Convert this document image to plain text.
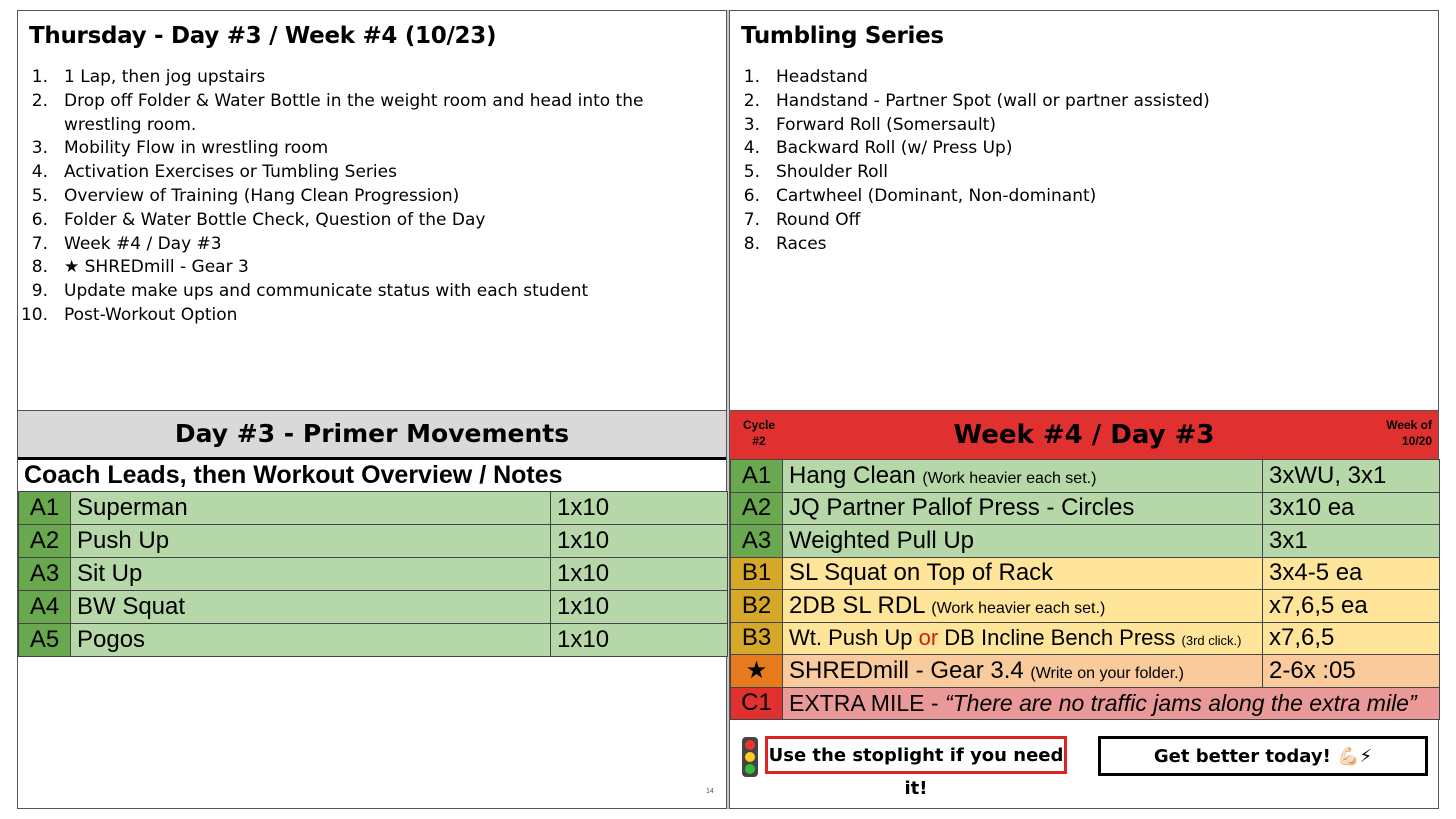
Thursday - Day #3 / Week #4 (10/23)
1. 1 Lap, then jog upstairs
2. Drop off Folder & Water Bottle in the weight room and head into the wrestling room.
3. Mobility Flow in wrestling room
4. Activation Exercises or Tumbling Series
5. Overview of Training (Hang Clean Progression)
6. Folder & Water Bottle Check, Question of the Day
7. Week #4 / Day #3
8. ★ SHREDmill - Gear 3
9. Update make ups and communicate status with each student
10. Post-Workout Option
Tumbling Series
1. Headstand
2. Handstand - Partner Spot (wall or partner assisted)
3. Forward Roll (Somersault)
4. Backward Roll (w/ Press Up)
5. Shoulder Roll
6. Cartwheel (Dominant, Non-dominant)
7. Round Off
8. Races
Day #3 - Primer Movements
Coach Leads, then Workout Overview / Notes
A1	Superman	1x10
A2	Push Up	1x10
A3	Sit Up	1x10
A4	BW Squat	1x10
A5	Pogos	1x10
14
Cycle
#2	Week #4 / Day #3	Week of
10/20
A1	Hang Clean (Work heavier each set.)	3xWU, 3x1
A2	JQ Partner Pallof Press - Circles	3x10 ea
A3	Weighted Pull Up	3x1
B1	SL Squat on Top of Rack	3x4-5 ea
B2	2DB SL RDL (Work heavier each set.)	x7,6,5 ea
B3	Wt. Push Up or DB Incline Bench Press (3rd click.)	x7,6,5
★	SHREDmill - Gear 3.4 (Write on your folder.)	2-6x :05
C1	EXTRA MILE - “There are no traffic jams along the extra mile”	
Use the stoplight if you need it!
Get better today! 💪🏻⚡
